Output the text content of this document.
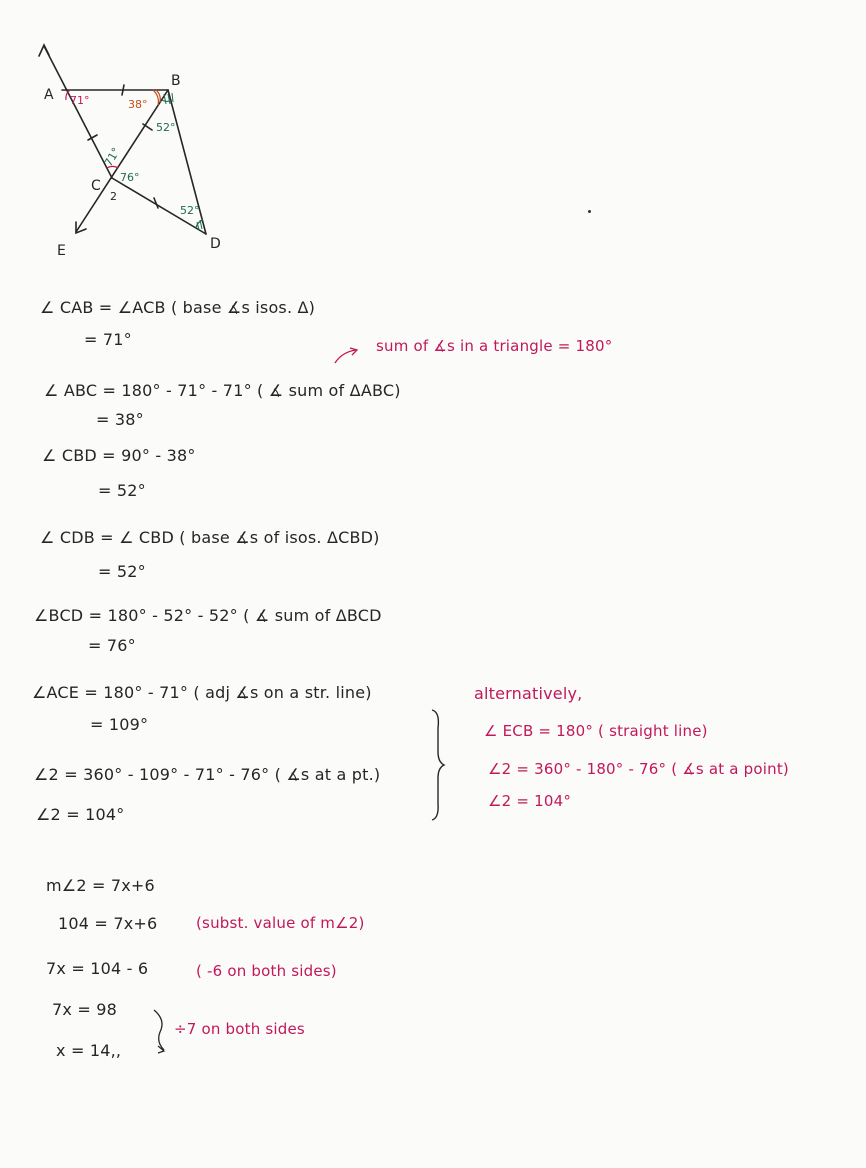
A
B
C
D
E
71°	38°
52°
71°
76°
52°
2
∠ CAB = ∠ACB ( base ∡s isos. Δ)
= 71°
∠ ABC = 180° - 71° - 71° ( ∡ sum of ΔABC)
= 38°
∠ CBD = 90° - 38°
= 52°
∠ CDB = ∠ CBD ( base ∡s of isos. ΔCBD)
= 52°
∠BCD = 180° - 52° - 52° ( ∡ sum of ΔBCD
= 76°
∠ACE = 180° - 71° ( adj ∡s on a str. line)
= 109°
∠2 = 360° - 109° - 71° - 76° ( ∡s at a pt.)
∠2 = 104°
m∠2 = 7x+6
104 = 7x+6
7x = 104 - 6
7x = 98
x = 14,,
sum of ∡s in a triangle = 180°
(subst. value of m∠2)
( -6 on both sides)
÷7 on both sides
alternatively,
∠ ECB = 180° ( straight line)
∠2 = 360° - 180° - 76° ( ∡s at a point)
∠2 = 104°
